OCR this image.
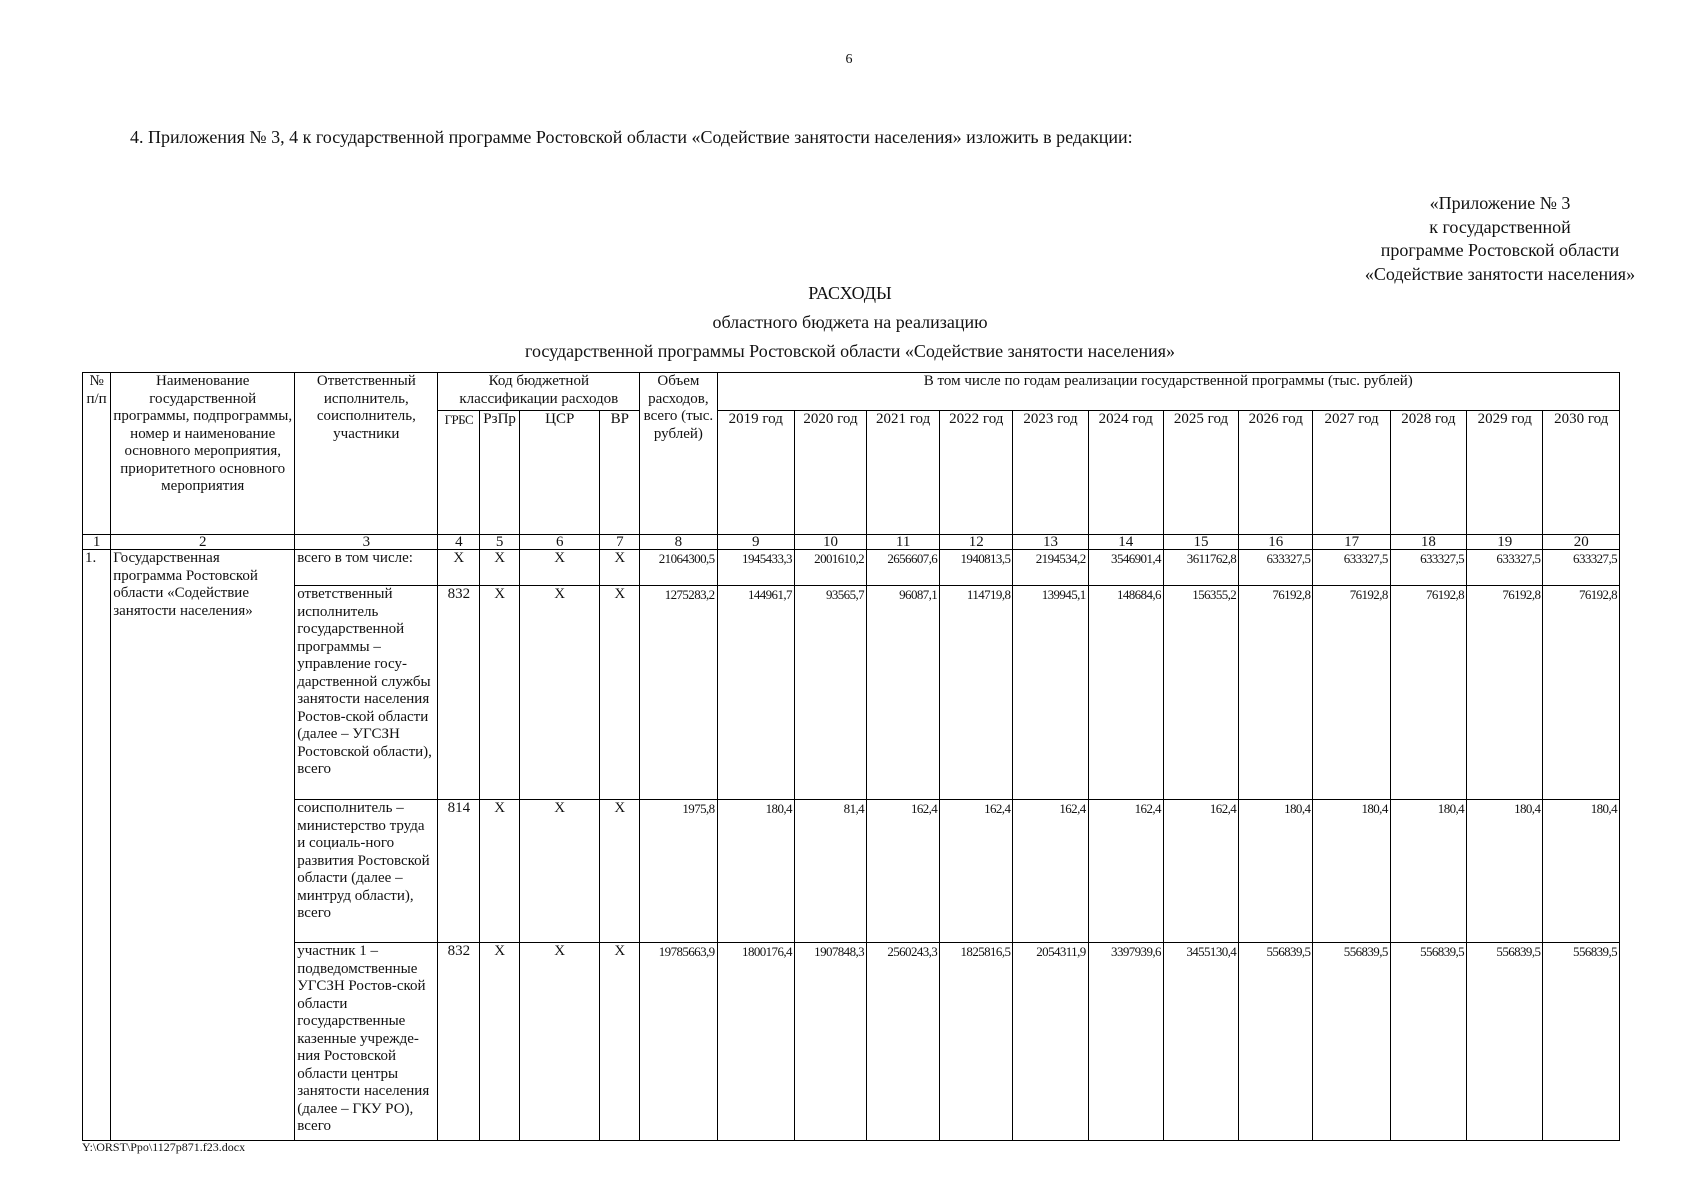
6
4. Приложения № 3, 4 к государственной программе Ростовской области «Содействие занятости населения» изложить в редакции:
«Приложение № 3
к государственной
программе Ростовской области
«Содействие занятости населения»
РАСХОДЫ

областного бюджета на реализацию

государственной программы Ростовской области «Содействие занятости населения»
№ п/п	Наименование государственной программы, подпрограммы, номер и наименование основного мероприятия, приоритетного основного мероприятия	Ответственный исполнитель, соисполнитель, участники	Код бюджетной классификации расходов				Объем расходов, всего (тыс. рублей)	В том числе по годам реализации государственной программы (тыс. рублей)											
			ГРБС	РзПр	ЦСР	ВР		2019 год	2020 год	2021 год	2022 год	2023 год	2024 год	2025 год	2026 год	2027 год	2028 год	2029 год	2030 год

1	2	3	4	5	6	7	8	9	10	11	12	13	14	15	16	17	18	19	20
1.	Государственная программа Ростовской области «Содействие занятости населения»	всего в том числе:	Х	Х	Х	Х	21064300,5	1945433,3	2001610,2	2656607,6	1940813,5	2194534,2	3546901,4	3611762,8	633327,5	633327,5	633327,5	633327,5	633327,5
		ответственный исполнитель государственной программы – управление госу-дарственной службы занятости населения Ростов-ской области (далее – УГСЗН Ростовской области), всего	832	Х	Х	Х	1275283,2	144961,7	93565,7	96087,1	114719,8	139945,1	148684,6	156355,2	76192,8	76192,8	76192,8	76192,8	76192,8
		соисполнитель – министерство труда и социаль-ного развития Ростовской области (далее – минтруд области), всего	814	Х	Х	Х	1975,8	180,4	81,4	162,4	162,4	162,4	162,4	162,4	180,4	180,4	180,4	180,4	180,4
		участник 1 – подведомственные УГСЗН Ростов-ской области государственные казенные учрежде-ния Ростовской области центры занятости населения (далее – ГКУ РО), всего	832	Х	Х	Х	19785663,9	1800176,4	1907848,3	2560243,3	1825816,5	2054311,9	3397939,6	3455130,4	556839,5	556839,5	556839,5	556839,5	556839,5
Y:\ORST\Ppo\1127p871.f23.docx
